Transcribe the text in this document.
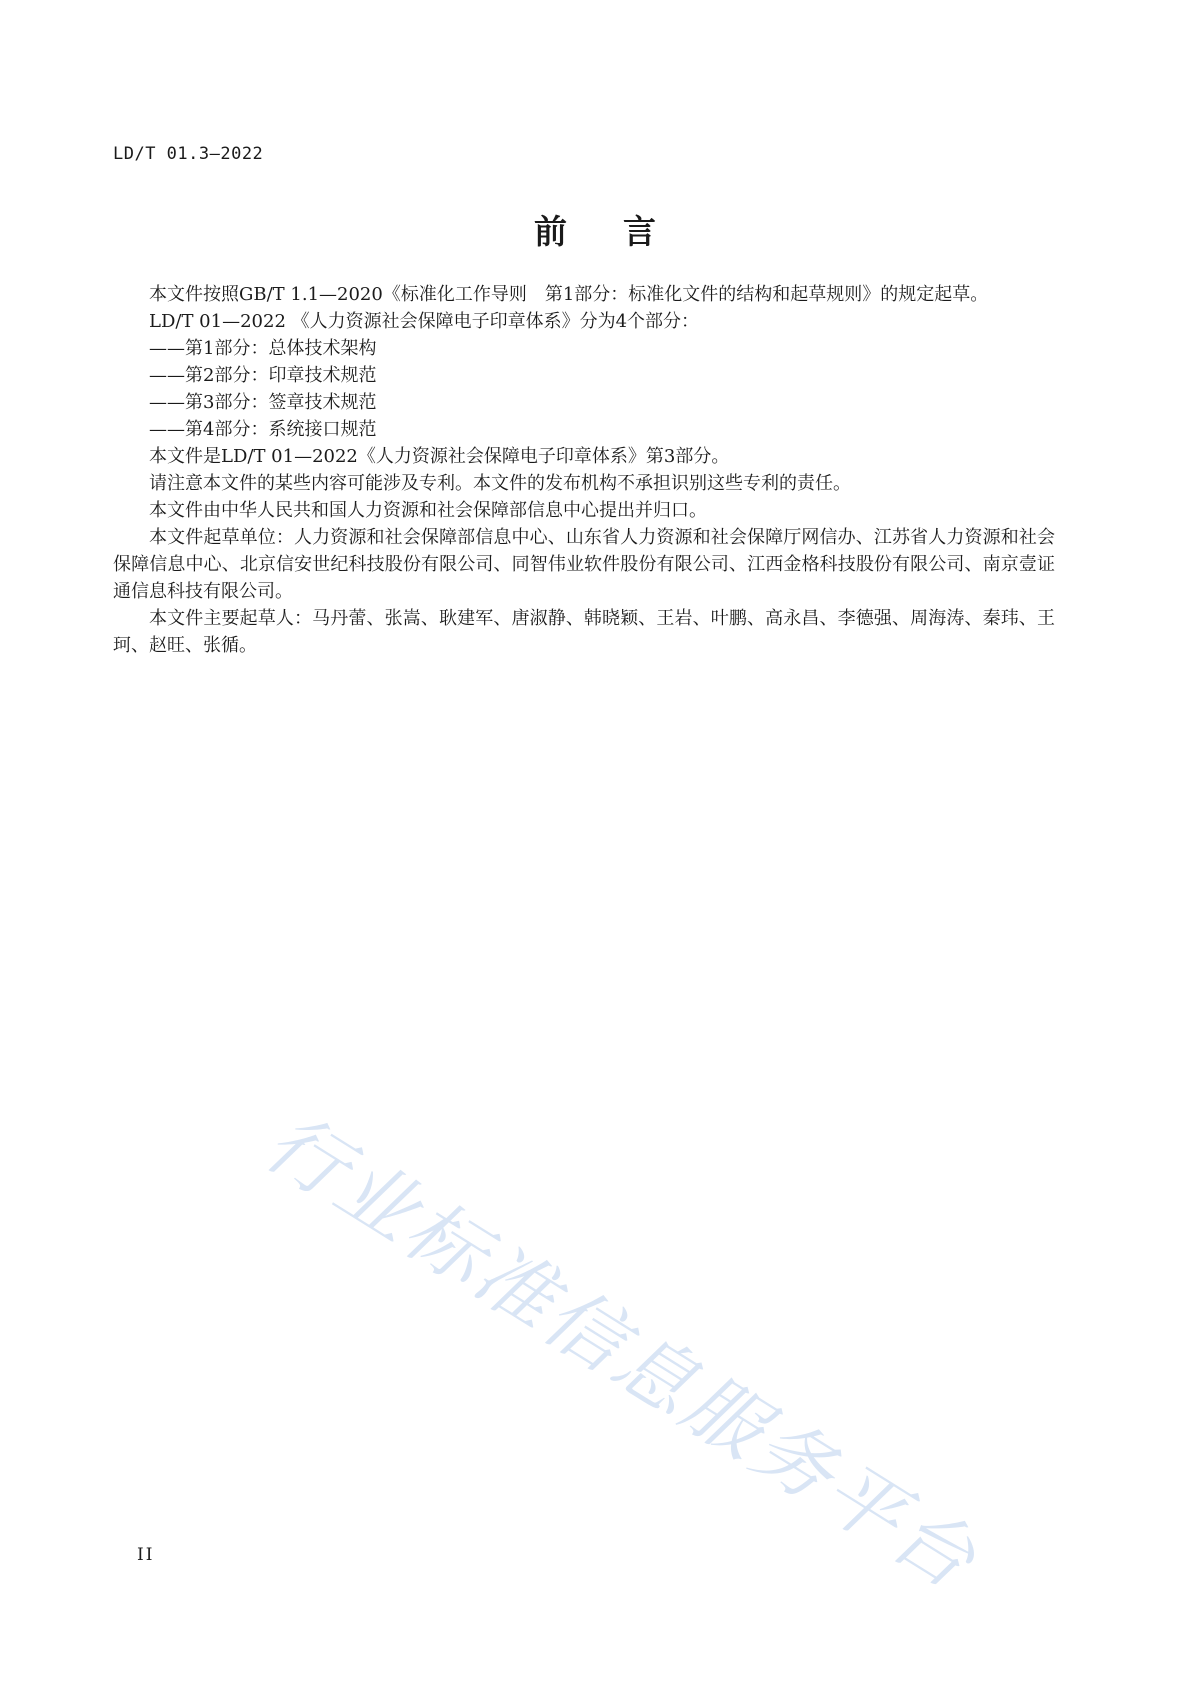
LD/T 01.3—2022
前 言

本文件按照GB/T 1.1—2020《标准化工作导则　第1部分：标准化文件的结构和起草规则》的规定起草。

LD/T 01—2022 《人力资源社会保障电子印章体系》分为4个部分：

——第1部分：总体技术架构

——第2部分：印章技术规范

——第3部分：签章技术规范

——第4部分：系统接口规范

本文件是LD/T 01—2022《人力资源社会保障电子印章体系》第3部分。

请注意本文件的某些内容可能涉及专利。本文件的发布机构不承担识别这些专利的责任。

本文件由中华人民共和国人力资源和社会保障部信息中心提出并归口。

本文件起草单位：人力资源和社会保障部信息中心、山东省人力资源和社会保障厅网信办、江苏省人力资源和社会保障信息中心、北京信安世纪科技股份有限公司、同智伟业软件股份有限公司、江西金格科技股份有限公司、南京壹证通信息科技有限公司。

本文件主要起草人：马丹蕾、张嵩、耿建军、唐淑静、韩晓颖、王岩、叶鹏、高永昌、李德强、周海涛、秦玮、王珂、赵旺、张循。

行业标准信息服务平台
II
